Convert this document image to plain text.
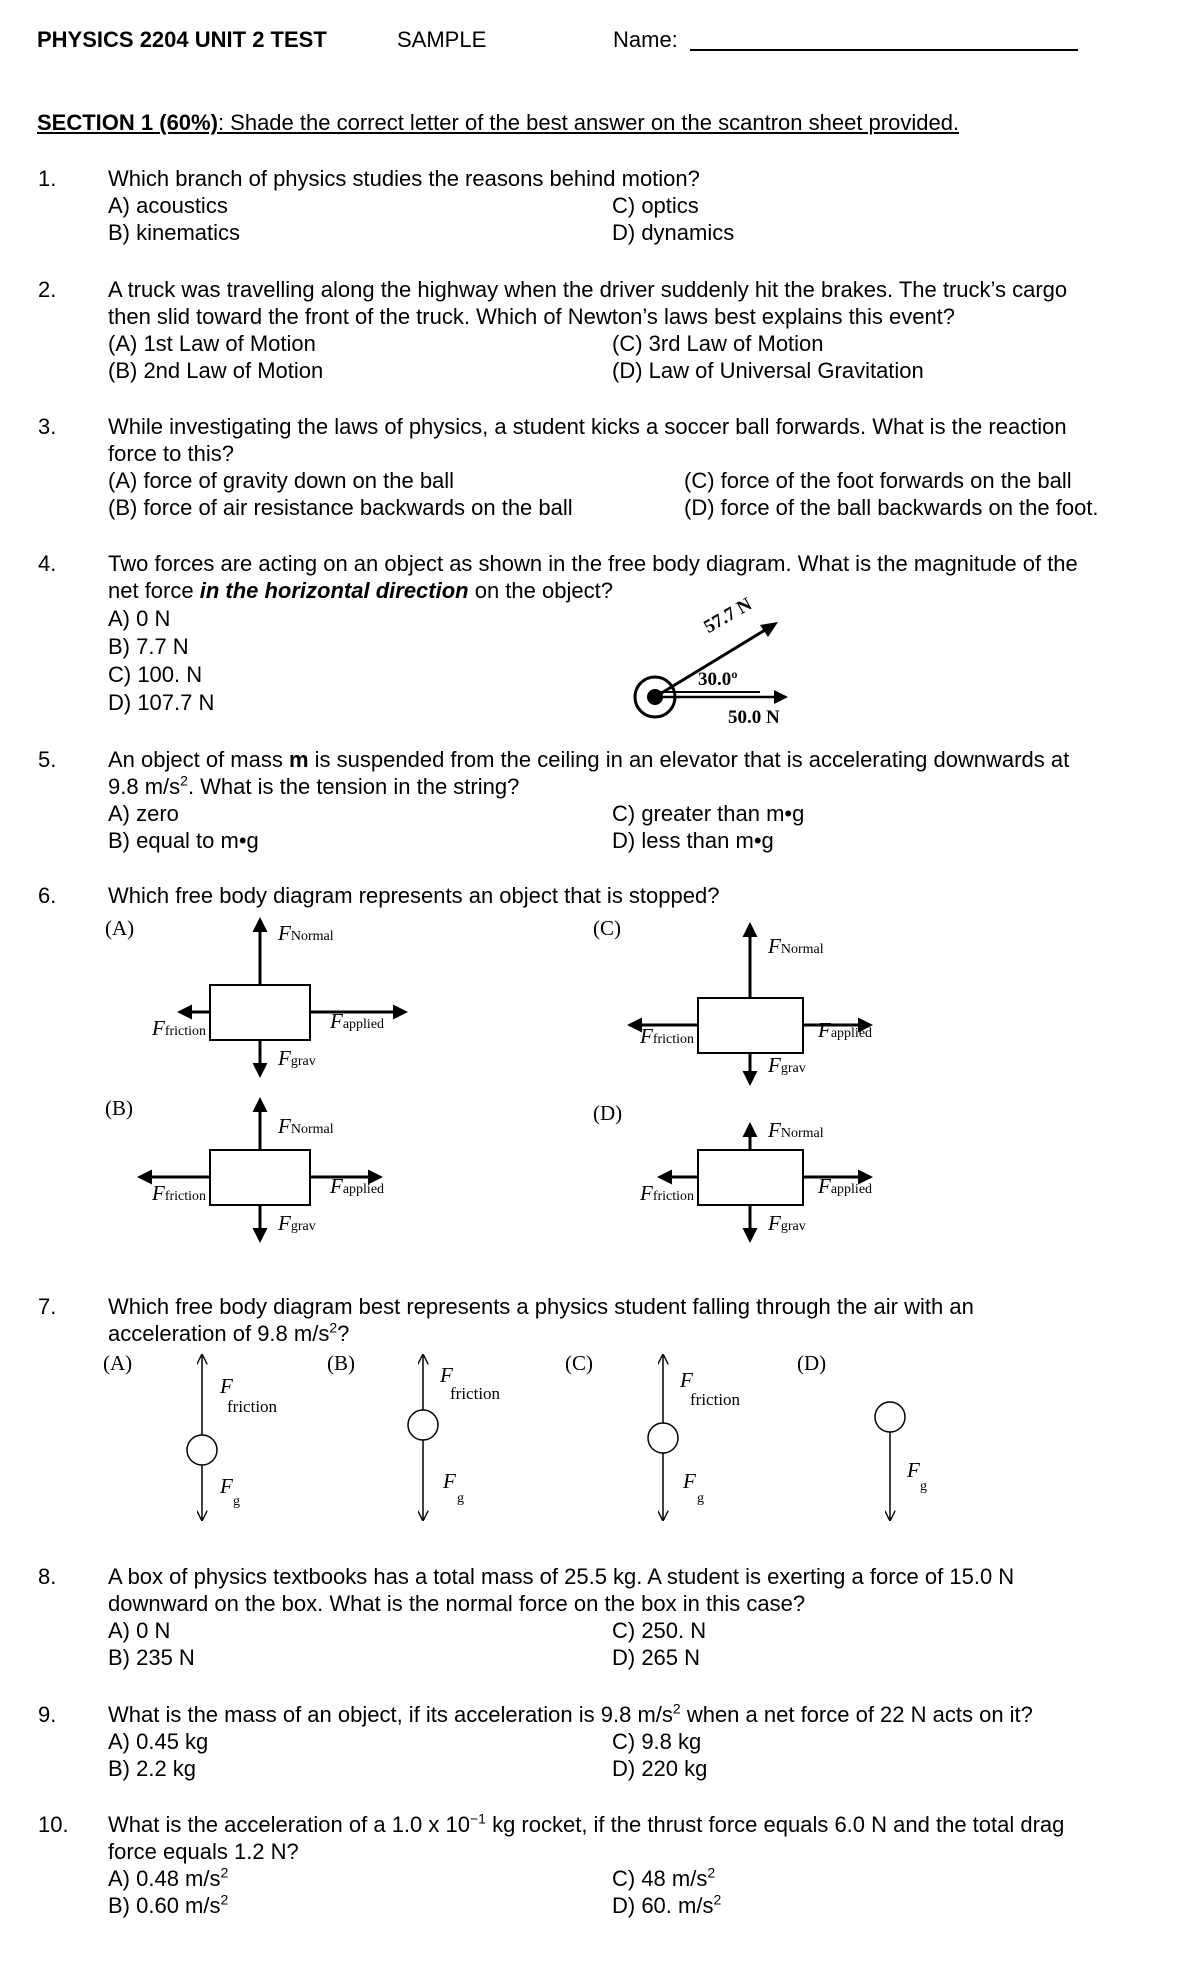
PHYSICS 2204 UNIT 2 TEST	SAMPLE	Name:
SECTION 1 (60%): Shade the correct letter of the best answer on the scantron sheet provided.
1. Which branch of physics studies the reasons behind motion?
A) acoustics
B) kinematics
C) optics
D) dynamics
2. A truck was travelling along the highway when the driver suddenly hit the brakes. The truck’s cargo
then slid toward the front of the truck. Which of Newton’s laws best explains this event?
(A) 1st Law of Motion
(B) 2nd Law of Motion
(C) 3rd Law of Motion
(D) Law of Universal Gravitation
3. While investigating the laws of physics, a student kicks a soccer ball forwards. What is the reaction
force to this?
(A) force of gravity down on the ball
(B) force of air resistance backwards on the ball
(C) force of the foot forwards on the ball
(D) force of the ball backwards on the foot.
4. Two forces are acting on an object as shown in the free body diagram. What is the magnitude of the
net force in the horizontal direction on the object?
A) 0 N
B) 7.7 N
C) 100. N
D) 107.7 N
57.7 N
30.0º
50.0 N
5. An object of mass m is suspended from the ceiling in an elevator that is accelerating downwards at
9.8 $m/s^2$. What is the tension in the string?
A) zero
B) equal to m•g
C) greater than m•g
D) less than m•g
6. Which free body diagram represents an object that is stopped?
(A)	FNormal
Fgrav
Ffriction	Fapplied
(B)
FNormal
Fgrav
Ffriction	Fapplied
(C)
FNormal
Fgrav
Ffriction	Fapplied
(D)
FNormal
Fgrav
Ffriction	Fapplied
7. Which free body diagram best represents a physics student falling through the air with an
acceleration of 9.8 $m/s^2$?
(A)
F
friction
F
g
(B)	F
friction
F
g
(C)
F
friction
F
g
(D)
F
g
8. A box of physics textbooks has a total mass of 25.5 kg. A student is exerting a force of 15.0 N
downward on the box. What is the normal force on the box in this case?
A) 0 N
B) 235 N
C) 250. N
D) 265 N
9. What is the mass of an object, if its acceleration is 9.8 $m/s^2$ when a net force of 22 N acts on it?
A) 0.45 kg
B) 2.2 kg
C) 9.8 kg
D) 220 kg
10. What is the acceleration of a 1.0 x $10^{-1}$ kg rocket, if the thrust force equals 6.0 N and the total drag
force equals 1.2 N?
A) 0.48 $m/s^2$
B) 0.60 $m/s^2$
C) 48 $m/s^2$
D) 60. $m/s^2$
